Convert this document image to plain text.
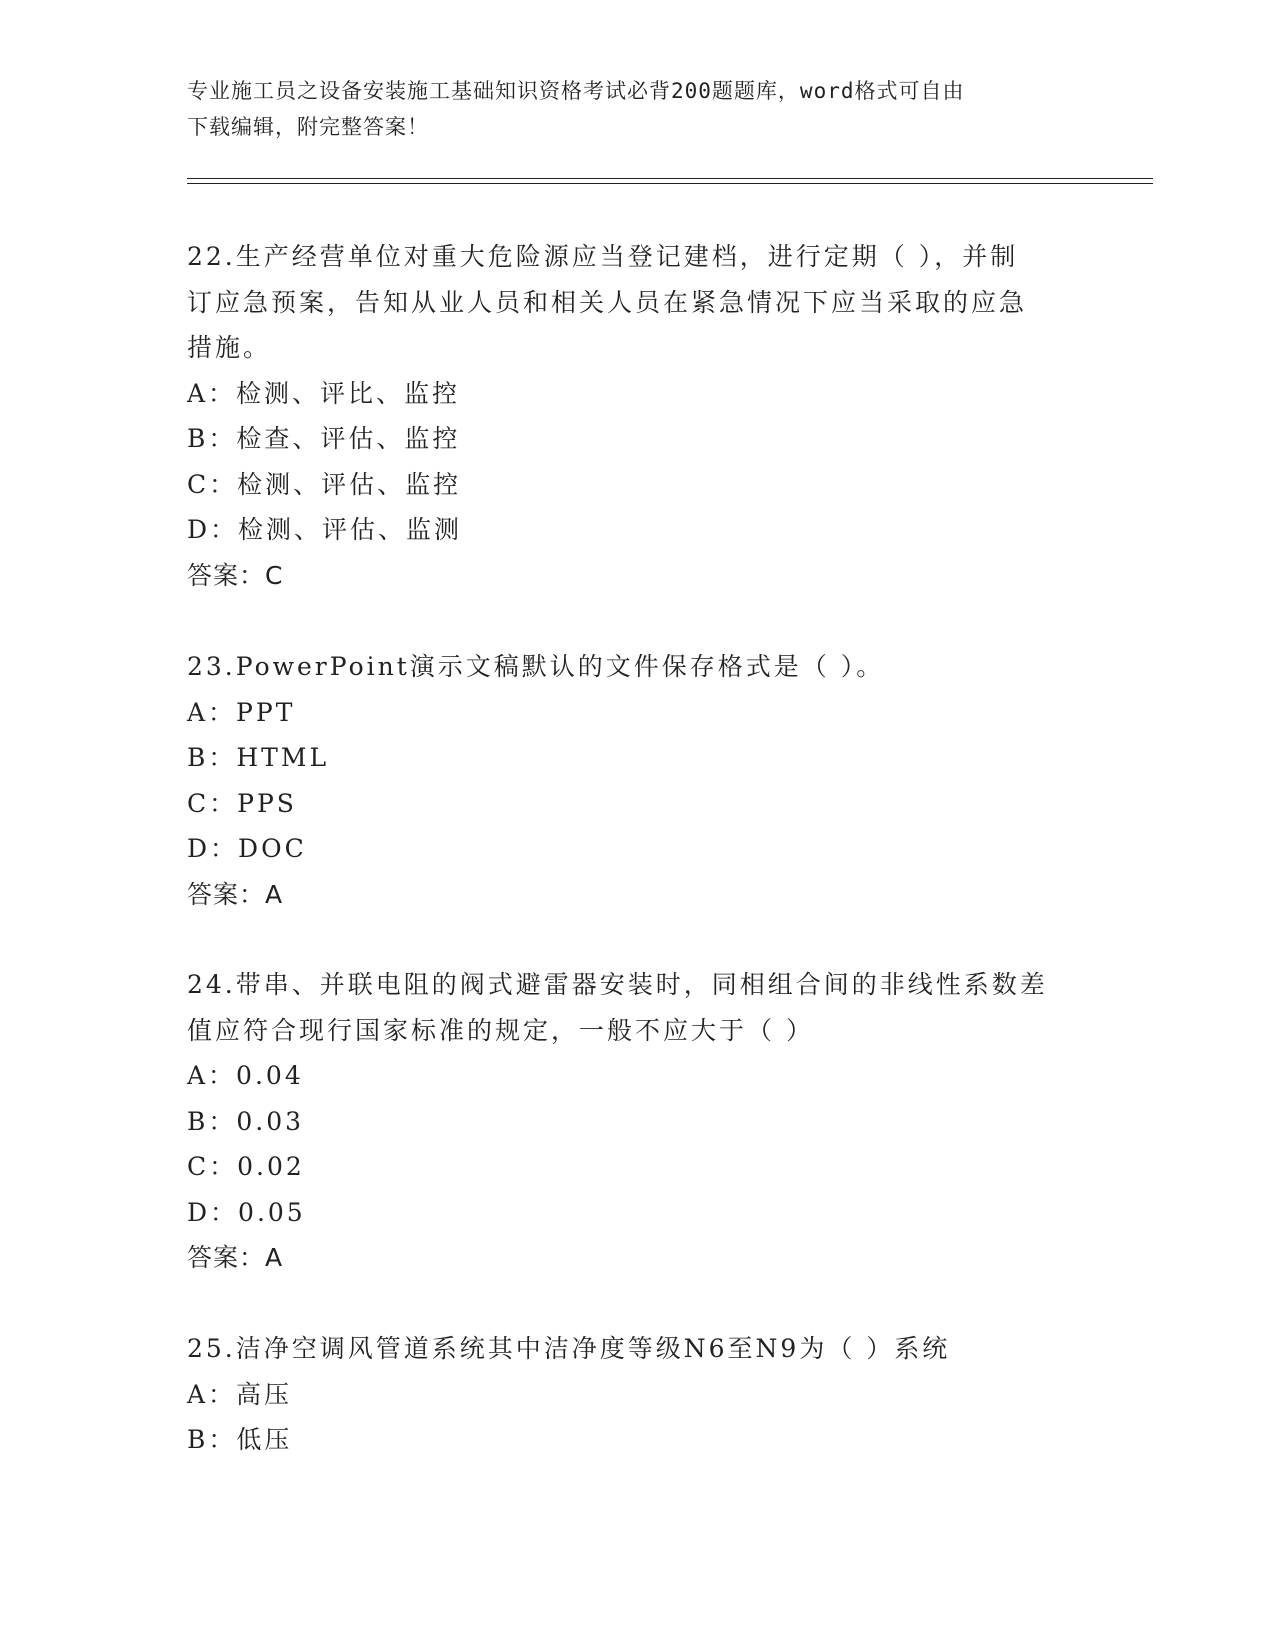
专业施工员之设备安装施工基础知识资格考试必背200题题库，word格式可自由
下载编辑，附完整答案！
22.生产经营单位对重大危险源应当登记建档，进行定期（ ），并制
订应急预案，告知从业人员和相关人员在紧急情况下应当采取的应急
措施。
A：检测、评比、监控
B：检查、评估、监控
C：检测、评估、监控
D：检测、评估、监测
答案：C
23.PowerPoint演示文稿默认的文件保存格式是（ ）。
A：PPT
B：HTML
C：PPS
D：DOC
答案：A
24.带串、并联电阻的阀式避雷器安装时，同相组合间的非线性系数差
值应符合现行国家标准的规定，一般不应大于（ ）
A：0.04
B：0.03
C：0.02
D：0.05
答案：A
25.洁净空调风管道系统其中洁净度等级N6至N9为（ ）系统
A：高压
B：低压
